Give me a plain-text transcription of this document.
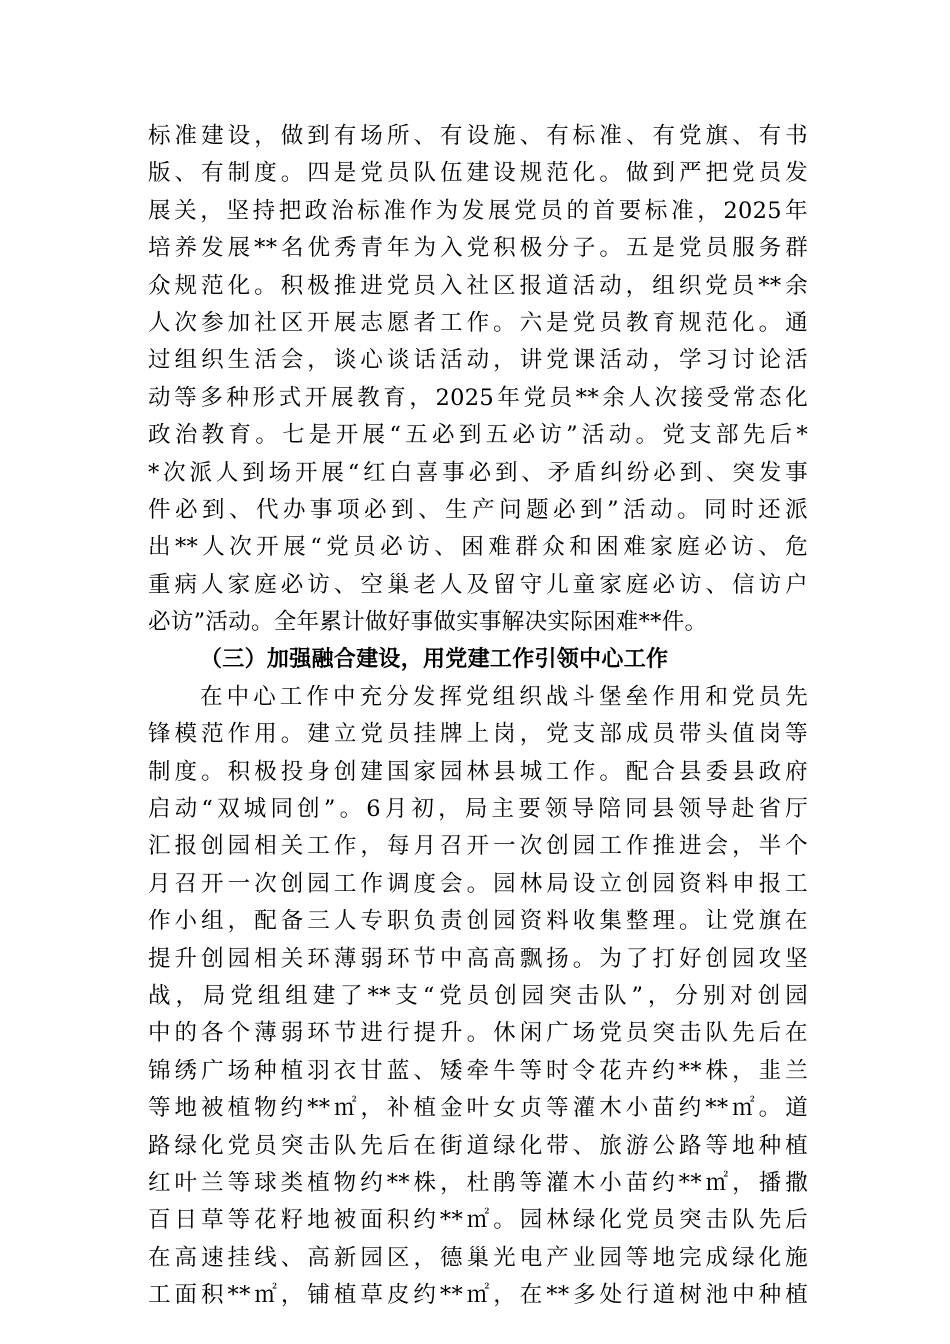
标准建设，做到有场所、有设施、有标准、有党旗、有书
版、有制度。四是党员队伍建设规范化。做到严把党员发
展关，坚持把政治标准作为发展党员的首要标准，2025年
培养发展**名优秀青年为入党积极分子。五是党员服务群
众规范化。积极推进党员入社区报道活动，组织党员**余
人次参加社区开展志愿者工作。六是党员教育规范化。通
过组织生活会，谈心谈话活动，讲党课活动，学习讨论活
动等多种形式开展教育，2025年党员**余人次接受常态化
政治教育。七是开展“五必到五必访”活动。党支部先后*
*次派人到场开展“红白喜事必到、矛盾纠纷必到、突发事
件必到、代办事项必到、生产问题必到”活动。同时还派
出**人次开展“党员必访、困难群众和困难家庭必访、危
重病人家庭必访、空巢老人及留守儿童家庭必访、信访户
必访”活动。全年累计做好事做实事解决实际困难**件。
（三）加强融合建设，用党建工作引领中心工作
在中心工作中充分发挥党组织战斗堡垒作用和党员先
锋模范作用。建立党员挂牌上岗，党支部成员带头值岗等
制度。积极投身创建国家园林县城工作。配合县委县政府
启动“双城同创”。6月初，局主要领导陪同县领导赴省厅
汇报创园相关工作，每月召开一次创园工作推进会，半个
月召开一次创园工作调度会。园林局设立创园资料申报工
作小组，配备三人专职负责创园资料收集整理。让党旗在
提升创园相关环薄弱环节中高高飘扬。为了打好创园攻坚
战，局党组组建了**支“党员创园突击队”，分别对创园
中的各个薄弱环节进行提升。休闲广场党员突击队先后在
锦绣广场种植羽衣甘蓝、矮牵牛等时令花卉约**株，韭兰
等地被植物约**㎡，补植金叶女贞等灌木小苗约**㎡。道
路绿化党员突击队先后在街道绿化带、旅游公路等地种植
红叶兰等球类植物约**株，杜鹃等灌木小苗约**㎡，播撒
百日草等花籽地被面积约**㎡。园林绿化党员突击队先后
在高速挂线、高新园区，德巢光电产业园等地完成绿化施
工面积**㎡，铺植草皮约**㎡，在**多处行道树池中种植
